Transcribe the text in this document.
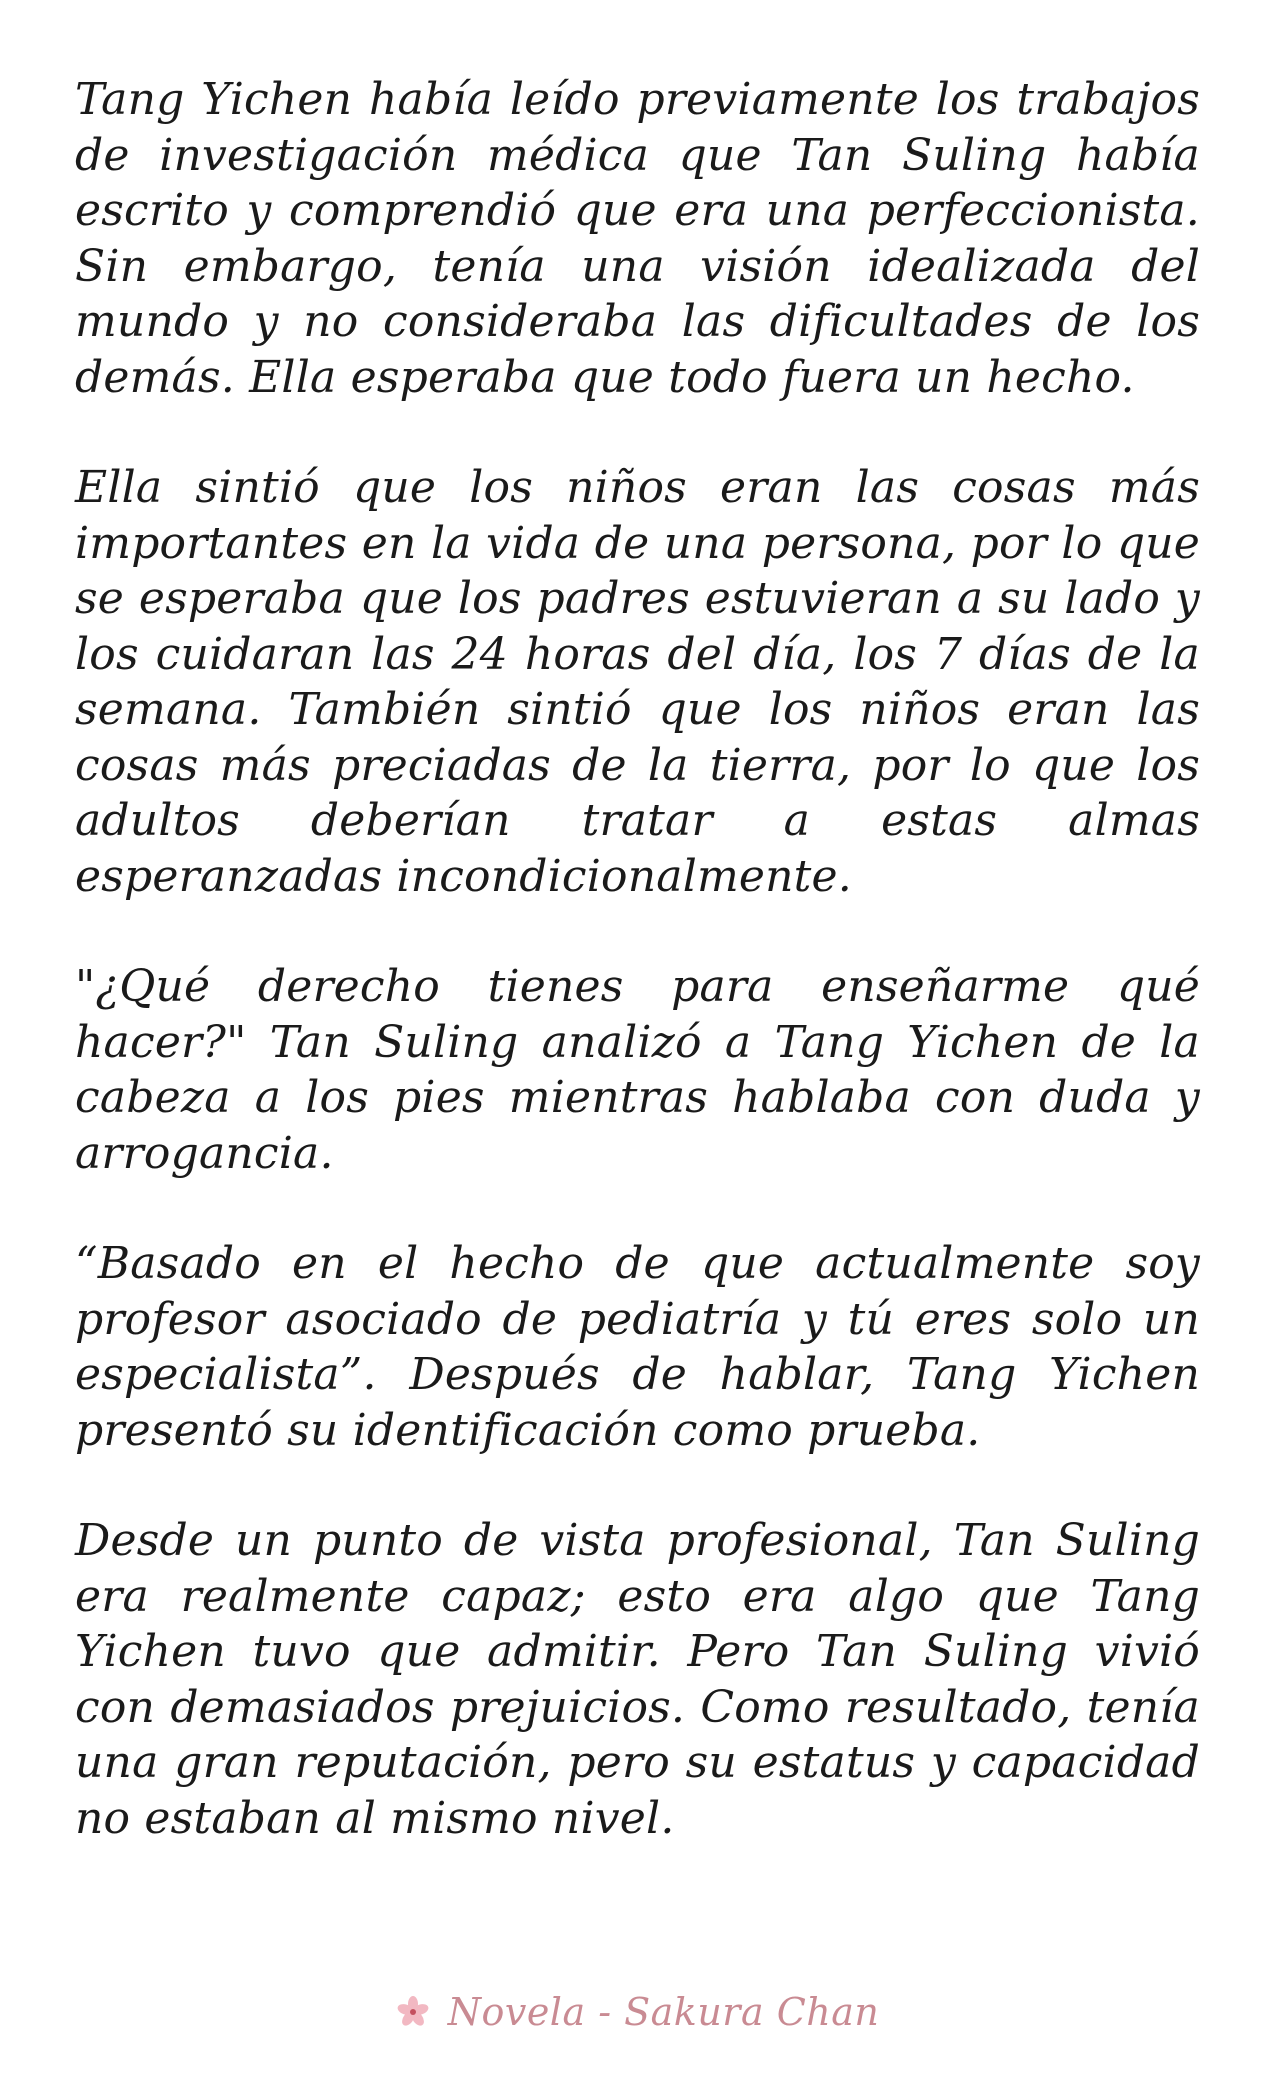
Tang Yichen había leído previamente los trabajos de investigación médica que Tan Suling había escrito y comprendió que era una perfeccionista. Sin embargo, tenía una visión idealizada del mundo y no consideraba las dificultades de los demás. Ella esperaba que todo fuera un hecho.

Ella sintió que los niños eran las cosas más importantes en la vida de una persona, por lo que se esperaba que los padres estuvieran a su lado y los cuidaran las 24 horas del día, los 7 días de la semana. También sintió que los niños eran las cosas más preciadas de la tierra, por lo que los adultos deberían tratar a estas almas esperanzadas incondicionalmente.

"¿Qué derecho tienes para enseñarme qué hacer?" Tan Suling analizó a Tang Yichen de la cabeza a los pies mientras hablaba con duda y arrogancia.

“Basado en el hecho de que actualmente soy profesor asociado de pediatría y tú eres solo un especialista”. Después de hablar, Tang Yichen presentó su identificación como prueba.

Desde un punto de vista profesional, Tan Suling era realmente capaz; esto era algo que Tang Yichen tuvo que admitir. Pero Tan Suling vivió con demasiados prejuicios. Como resultado, tenía una gran reputación, pero su estatus y capacidad no estaban al mismo nivel.

Novela - Sakura Chan
